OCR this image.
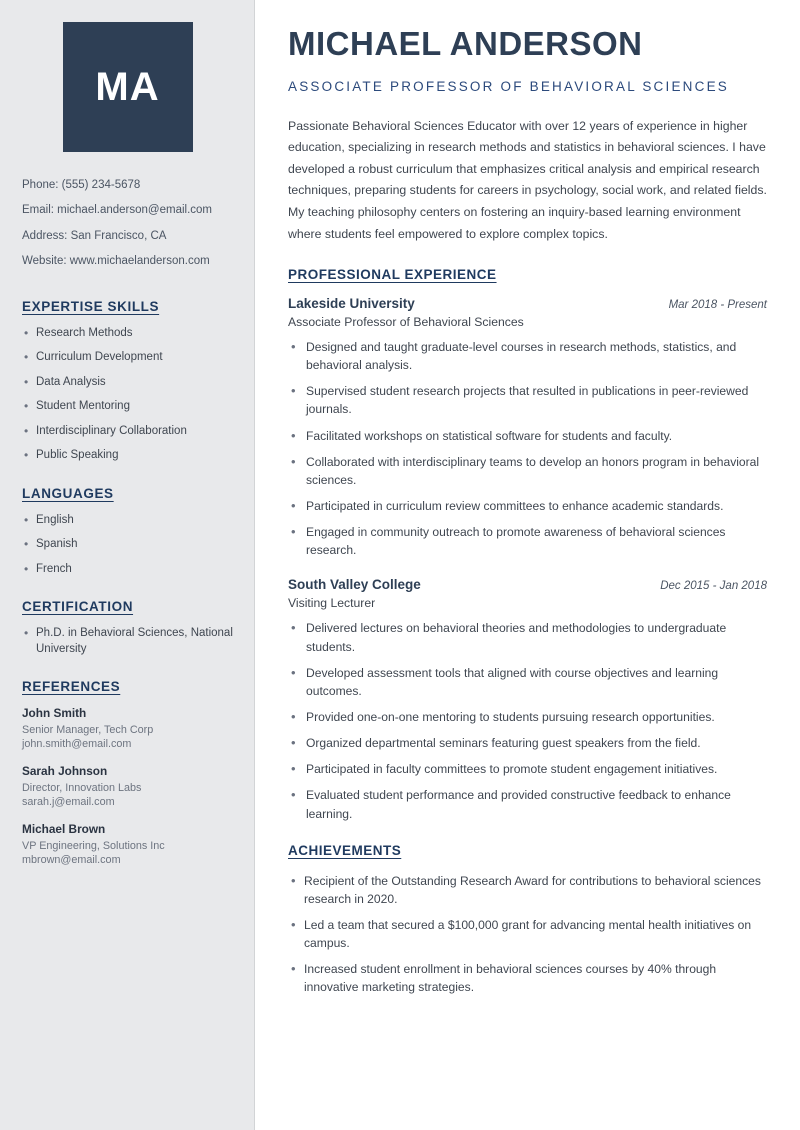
MA
Phone: (555) 234-5678
Email: michael.anderson@email.com
Address: San Francisco, CA
Website: www.michaelanderson.com
EXPERTISE SKILLS
• Research Methods
• Curriculum Development
• Data Analysis
• Student Mentoring
• Interdisciplinary Collaboration
• Public Speaking
LANGUAGES
• English
• Spanish
• French
CERTIFICATION
• Ph.D. in Behavioral Sciences, National University
REFERENCES
John Smith
Senior Manager, Tech Corp
john.smith@email.com
Sarah Johnson
Director, Innovation Labs
sarah.j@email.com
Michael Brown
VP Engineering, Solutions Inc
mbrown@email.com
MICHAEL ANDERSON
ASSOCIATE PROFESSOR OF BEHAVIORAL SCIENCES

Passionate Behavioral Sciences Educator with over 12 years of experience in higher education, specializing in research methods and statistics in behavioral sciences. I have developed a robust curriculum that emphasizes critical analysis and empirical research techniques, preparing students for careers in psychology, social work, and related fields. My teaching philosophy centers on fostering an inquiry-based learning environment where students feel empowered to explore complex topics.

PROFESSIONAL EXPERIENCE
Lakeside University	Mar 2018 - Present
Associate Professor of Behavioral Sciences
• Designed and taught graduate-level courses in research methods, statistics, and behavioral analysis.
• Supervised student research projects that resulted in publications in peer-reviewed journals.
• Facilitated workshops on statistical software for students and faculty.
• Collaborated with interdisciplinary teams to develop an honors program in behavioral sciences.
• Participated in curriculum review committees to enhance academic standards.
• Engaged in community outreach to promote awareness of behavioral sciences research.
South Valley College	Dec 2015 - Jan 2018
Visiting Lecturer
• Delivered lectures on behavioral theories and methodologies to undergraduate students.
• Developed assessment tools that aligned with course objectives and learning outcomes.
• Provided one-on-one mentoring to students pursuing research opportunities.
• Organized departmental seminars featuring guest speakers from the field.
• Participated in faculty committees to promote student engagement initiatives.
• Evaluated student performance and provided constructive feedback to enhance learning.
ACHIEVEMENTS
• Recipient of the Outstanding Research Award for contributions to behavioral sciences research in 2020.
• Led a team that secured a $100,000 grant for advancing mental health initiatives on campus.
• Increased student enrollment in behavioral sciences courses by 40% through innovative marketing strategies.
